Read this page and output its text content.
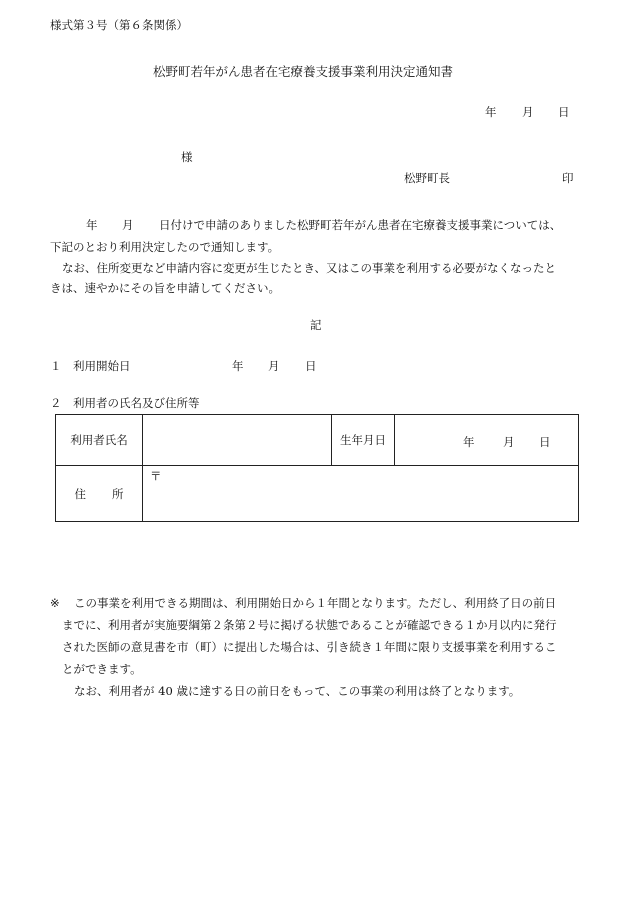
様式第３号（第６条関係）
松野町若年がん患者在宅療養支援事業利用決定通知書
年 月 日
様
松野町長	印
年 月 日付けで申請のありました松野町若年がん患者在宅療養支援事業については、
下記のとおり利用決定したので通知します。
なお、住所変更など申請内容に変更が生じたとき、又はこの事業を利用する必要がなくなったと
きは、速やかにその旨を申請してください。
記
１　利用開始日	年 月 日
２　利用者の氏名及び住所等
利用者氏名		生年月日	年 月 日

住 所	〒		
※ この事業を利用できる期間は、利用開始日から１年間となります。ただし、利用終了日の前日
までに、利用者が実施要綱第２条第２号に掲げる状態であることが確認できる１か月以内に発行
された医師の意見書を市（町）に提出した場合は、引き続き１年間に限り支援事業を利用するこ
とができます。
なお、利用者が 40 歳に達する日の前日をもって、この事業の利用は終了となります。
